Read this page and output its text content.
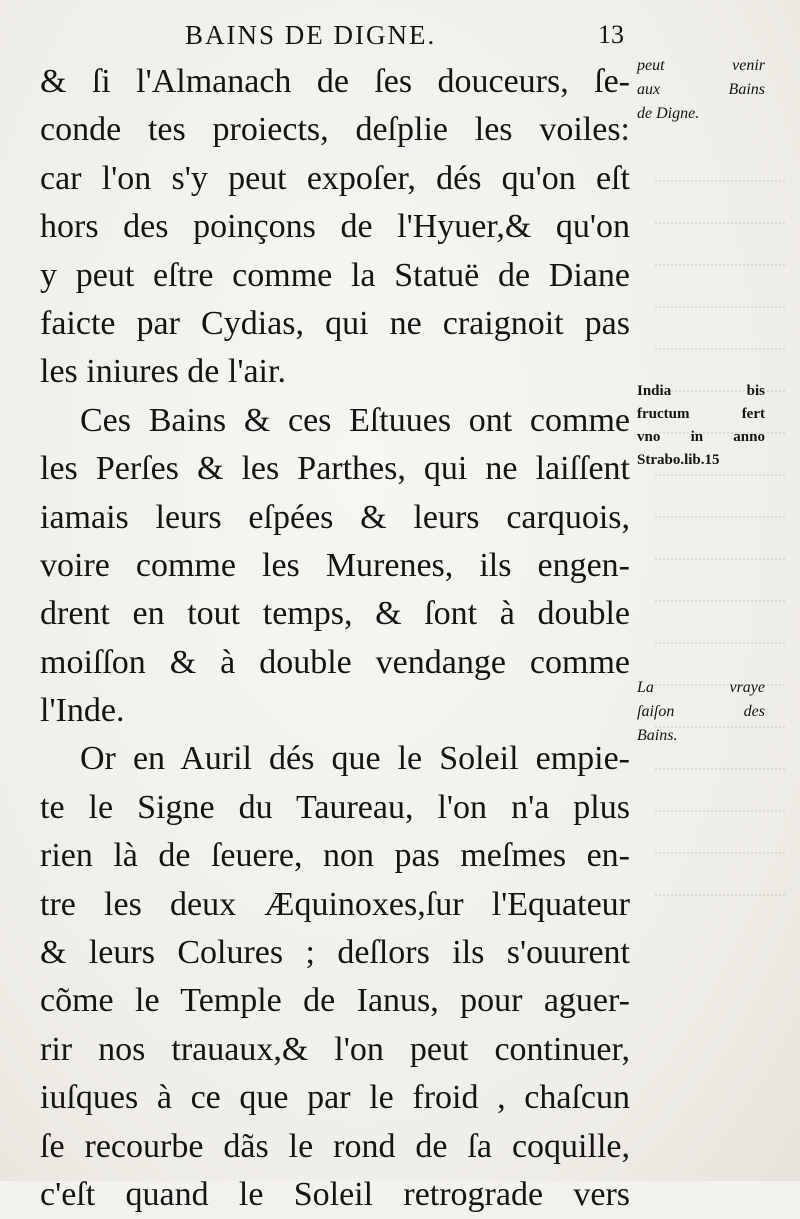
BAINS DE DIGNE.	13
& ſi l'Almanach de ſes douceurs, ſe-
conde tes proiects, deſplie les voiles:
car l'on s'y peut expoſer, dés qu'on eſt
hors des poinçons de l'Hyuer,& qu'on
y peut eſtre comme la Statuë de Diane
faicte par Cydias, qui ne craignoit pas
les iniures de l'air.
Ces Bains & ces Eſtuues ont comme
les Perſes & les Parthes, qui ne laiſſent
iamais leurs eſpées & leurs carquois,
voire comme les Murenes, ils engen-
drent en tout temps, & ſont à double
moiſſon & à double vendange comme
l'Inde.
Or en Auril dés que le Soleil empie-
te le Signe du Taureau, l'on n'a plus
rien là de ſeuere, non pas meſmes en-
tre les deux Æquinoxes,ſur l'Equateur
& leurs Colures ; deſlors ils s'ouurent
cõme le Temple de Ianus, pour aguer-
rir nos trauaux,& l'on peut continuer,
iuſques à ce que par le froid , chaſcun
ſe recourbe dãs le rond de ſa coquille,
c'eſt quand le Soleil retrograde vers
peut venir
aux Bains
de Digne.
India bis
fructum fert
vno in anno
Strabo.lib.15
La vraye
ſaiſon des
Bains.
